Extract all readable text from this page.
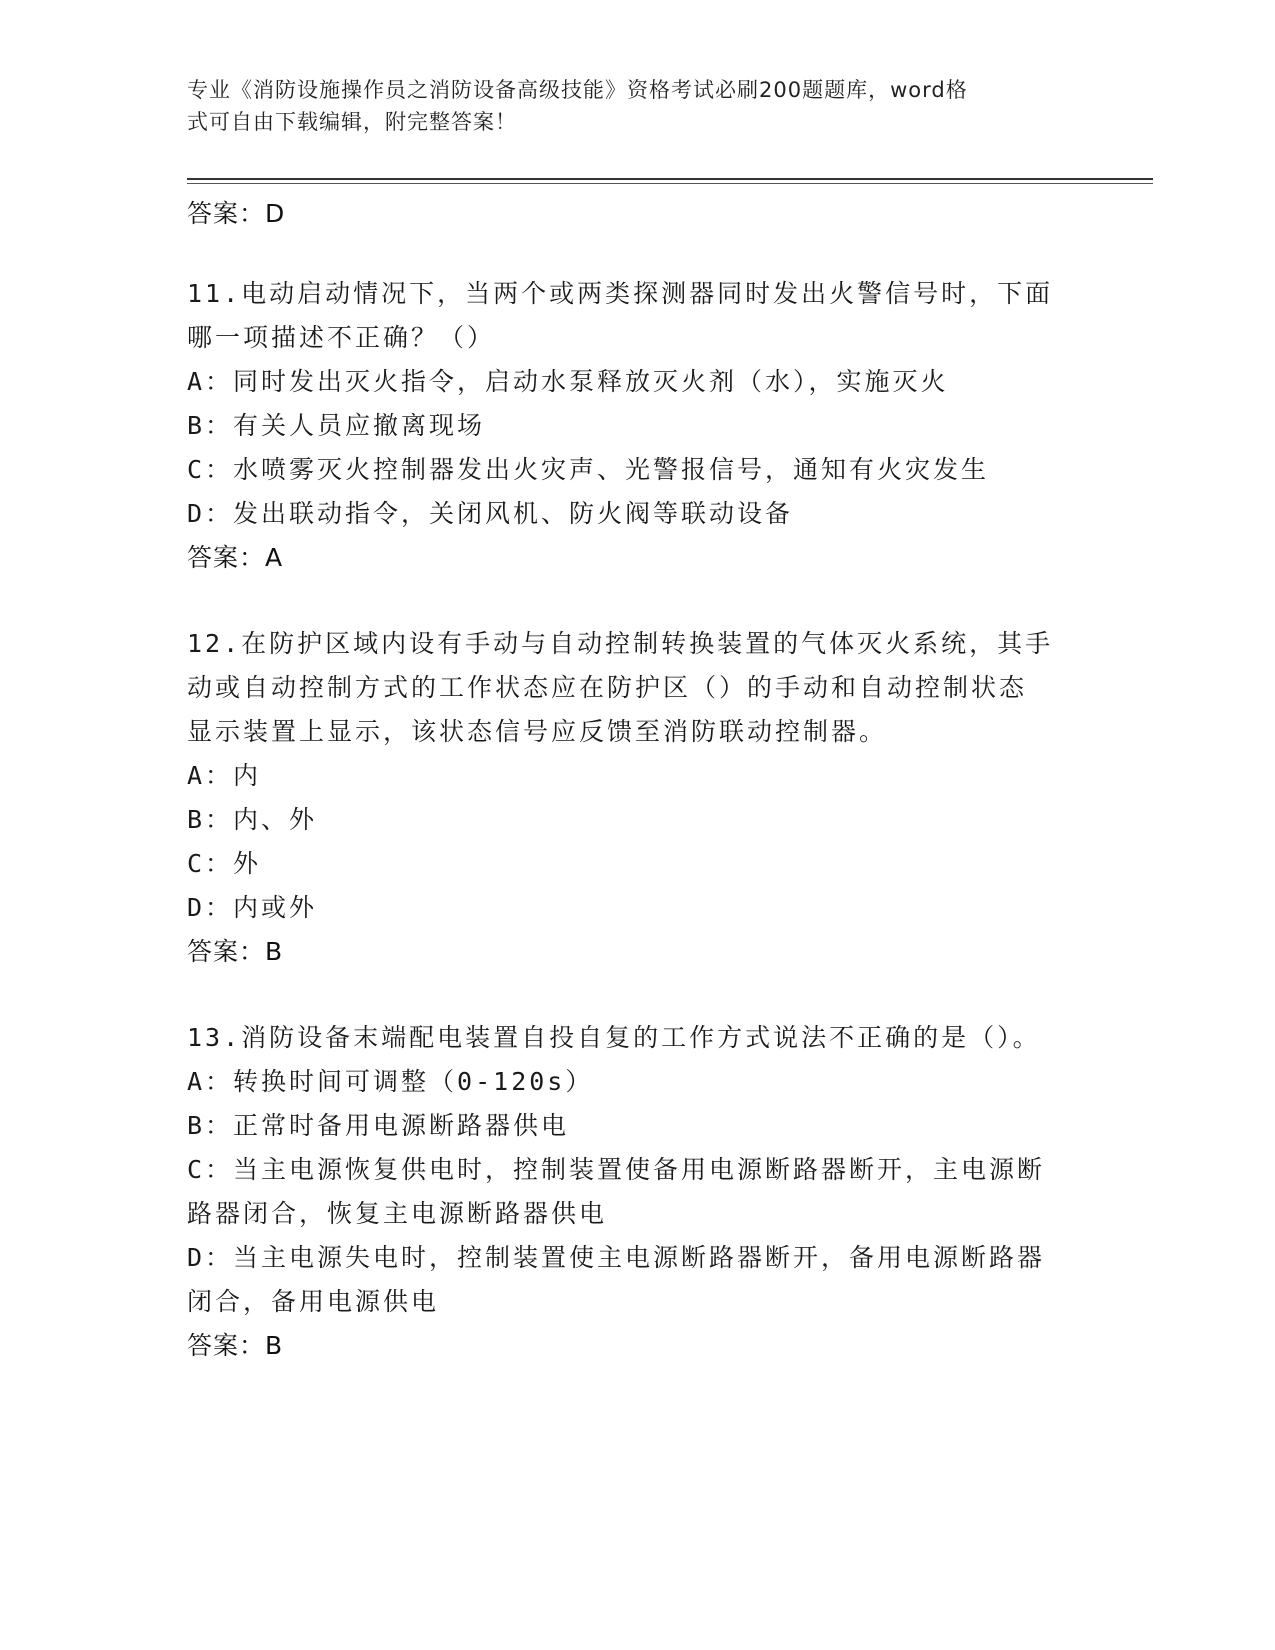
专业《消防设施操作员之消防设备高级技能》资格考试必刷200题题库，word格
式可自由下载编辑，附完整答案！
答案：D
11.电动启动情况下，当两个或两类探测器同时发出火警信号时，下面
哪一项描述不正确？（）
A：同时发出灭火指令，启动水泵释放灭火剂（水），实施灭火
B：有关人员应撤离现场
C：水喷雾灭火控制器发出火灾声、光警报信号，通知有火灾发生
D：发出联动指令，关闭风机、防火阀等联动设备
答案：A
12.在防护区域内设有手动与自动控制转换装置的气体灭火系统，其手
动或自动控制方式的工作状态应在防护区（）的手动和自动控制状态
显示装置上显示，该状态信号应反馈至消防联动控制器。
A：内
B：内、外
C：外
D：内或外
答案：B
13.消防设备末端配电装置自投自复的工作方式说法不正确的是（）。
A：转换时间可调整（0-120s）
B：正常时备用电源断路器供电
C：当主电源恢复供电时，控制装置使备用电源断路器断开，主电源断
路器闭合，恢复主电源断路器供电
D：当主电源失电时，控制装置使主电源断路器断开，备用电源断路器
闭合，备用电源供电
答案：B
